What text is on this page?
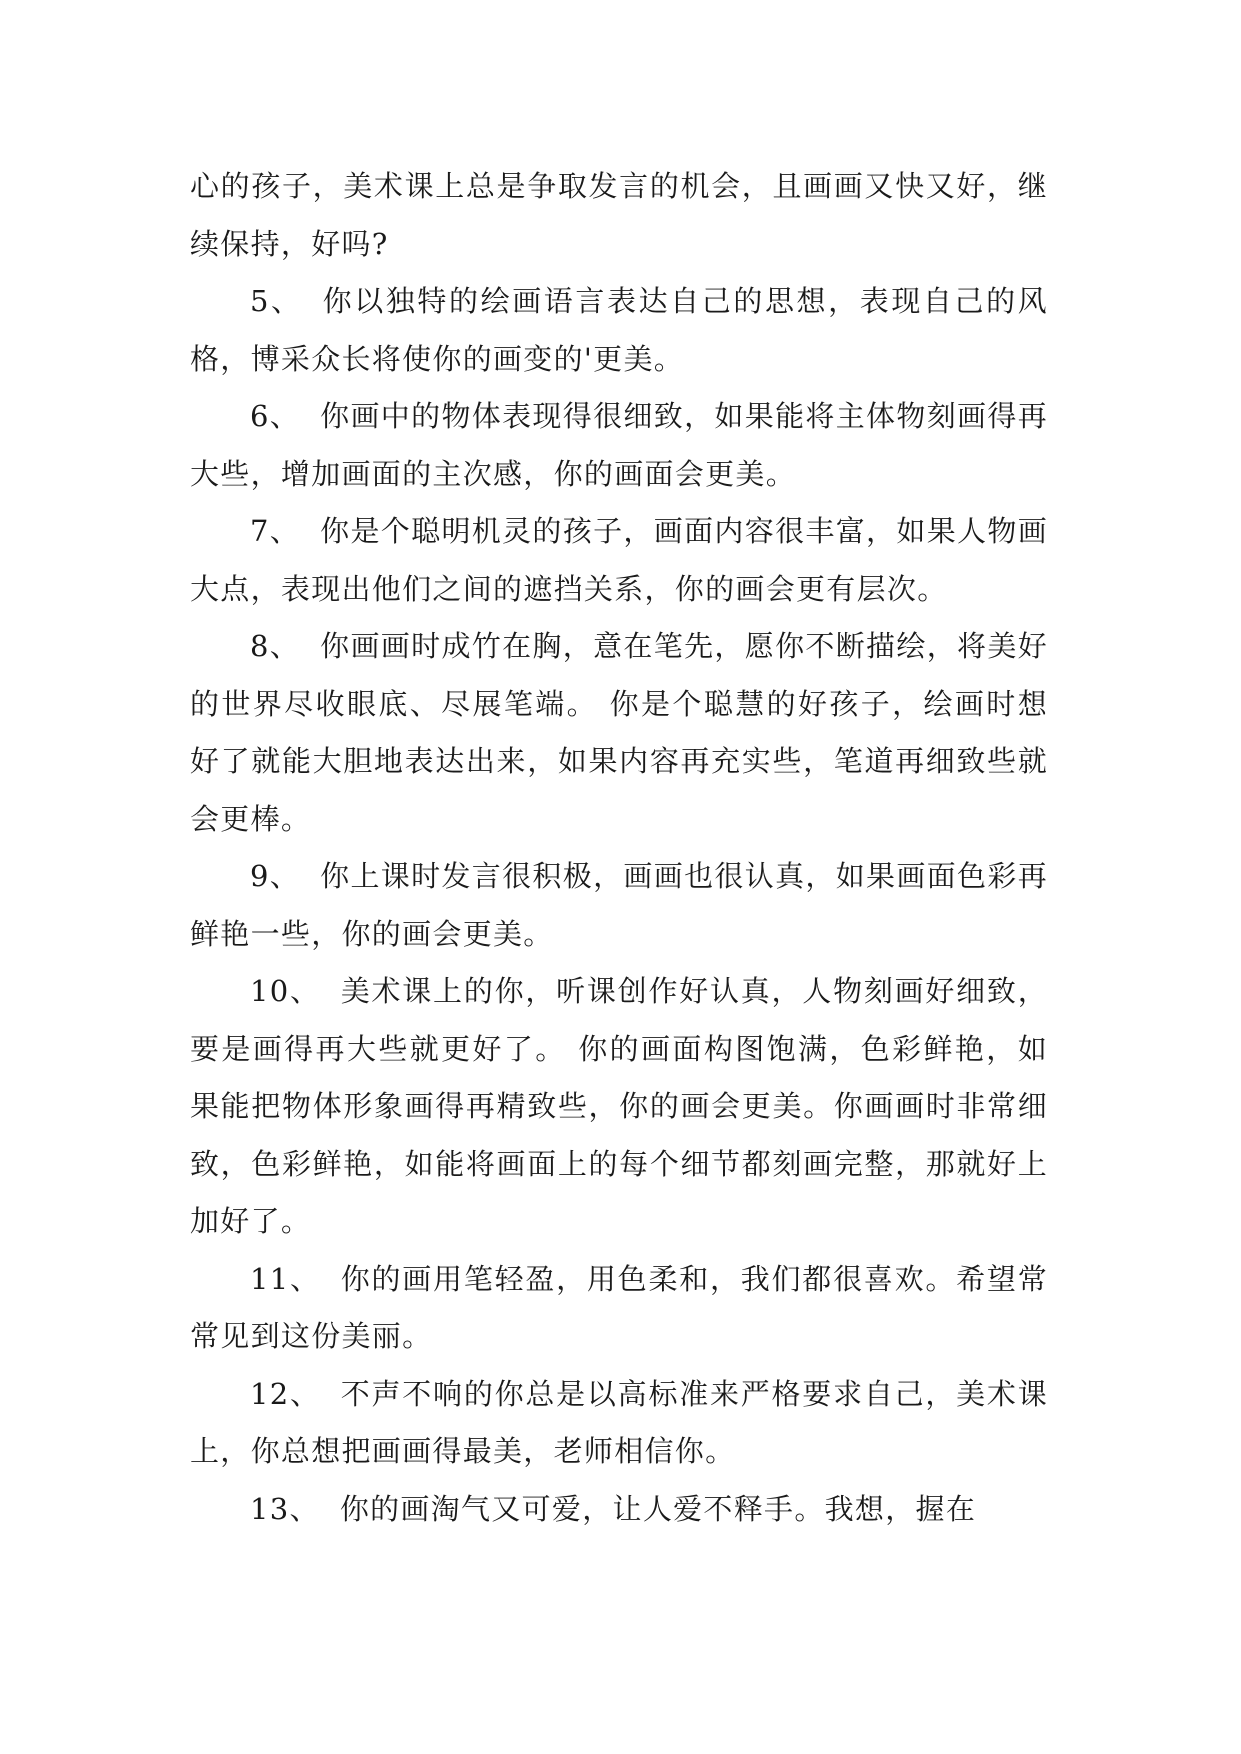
心的孩子，美术课上总是争取发言的机会，且画画又快又好，继续保持，好吗?

5、 你以独特的绘画语言表达自己的思想，表现自己的风格，博采众长将使你的画变的'更美。

6、 你画中的物体表现得很细致，如果能将主体物刻画得再大些，增加画面的主次感，你的画面会更美。

7、 你是个聪明机灵的孩子，画面内容很丰富，如果人物画大点，表现出他们之间的遮挡关系，你的画会更有层次。

8、 你画画时成竹在胸，意在笔先，愿你不断描绘，将美好的世界尽收眼底、尽展笔端。 你是个聪慧的好孩子，绘画时想好了就能大胆地表达出来，如果内容再充实些，笔道再细致些就会更棒。

9、 你上课时发言很积极，画画也很认真，如果画面色彩再鲜艳一些，你的画会更美。

10、 美术课上的你，听课创作好认真，人物刻画好细致，要是画得再大些就更好了。 你的画面构图饱满，色彩鲜艳，如果能把物体形象画得再精致些，你的画会更美。你画画时非常细致，色彩鲜艳，如能将画面上的每个细节都刻画完整，那就好上加好了。

11、 你的画用笔轻盈，用色柔和，我们都很喜欢。希望常常见到这份美丽。

12、 不声不响的你总是以高标准来严格要求自己，美术课上，你总想把画画得最美，老师相信你。

13、 你的画淘气又可爱，让人爱不释手。我想，握在
